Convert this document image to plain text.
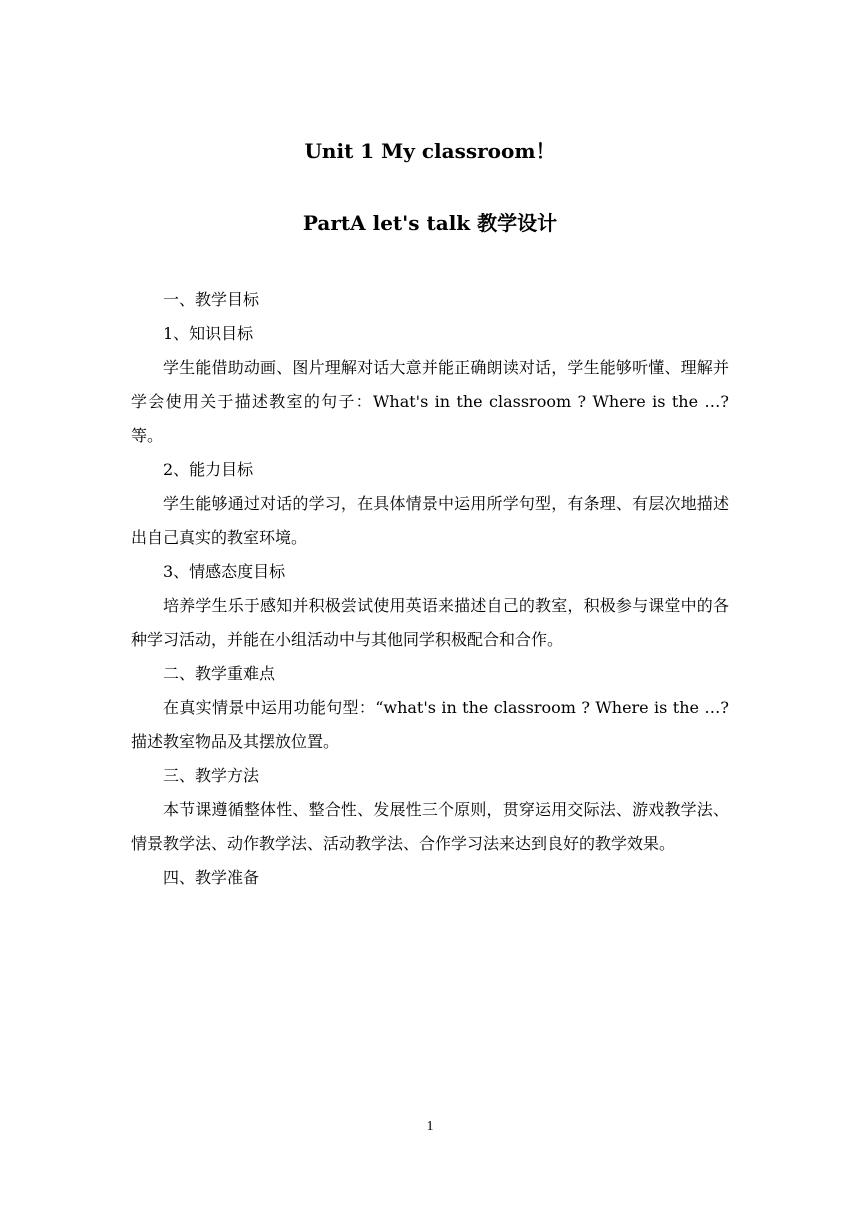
Unit 1 My classroom！
PartA let's talk 教学设计

一、教学目标

1、知识目标

学生能借助动画、图片理解对话大意并能正确朗读对话，学生能够听懂、理解并学会使用关于描述教室的句子：What's in the classroom ? Where is the …?等。

2、能力目标

学生能够通过对话的学习，在具体情景中运用所学句型，有条理、有层次地描述出自己真实的教室环境。

3、情感态度目标

培养学生乐于感知并积极尝试使用英语来描述自己的教室，积极参与课堂中的各种学习活动，并能在小组活动中与其他同学积极配合和合作。

二、教学重难点

在真实情景中运用功能句型：“what's in the classroom ? Where is the …? 描述教室物品及其摆放位置。

三、教学方法

本节课遵循整体性、整合性、发展性三个原则，贯穿运用交际法、游戏教学法、情景教学法、动作教学法、活动教学法、合作学习法来达到良好的教学效果。

四、教学准备

1
